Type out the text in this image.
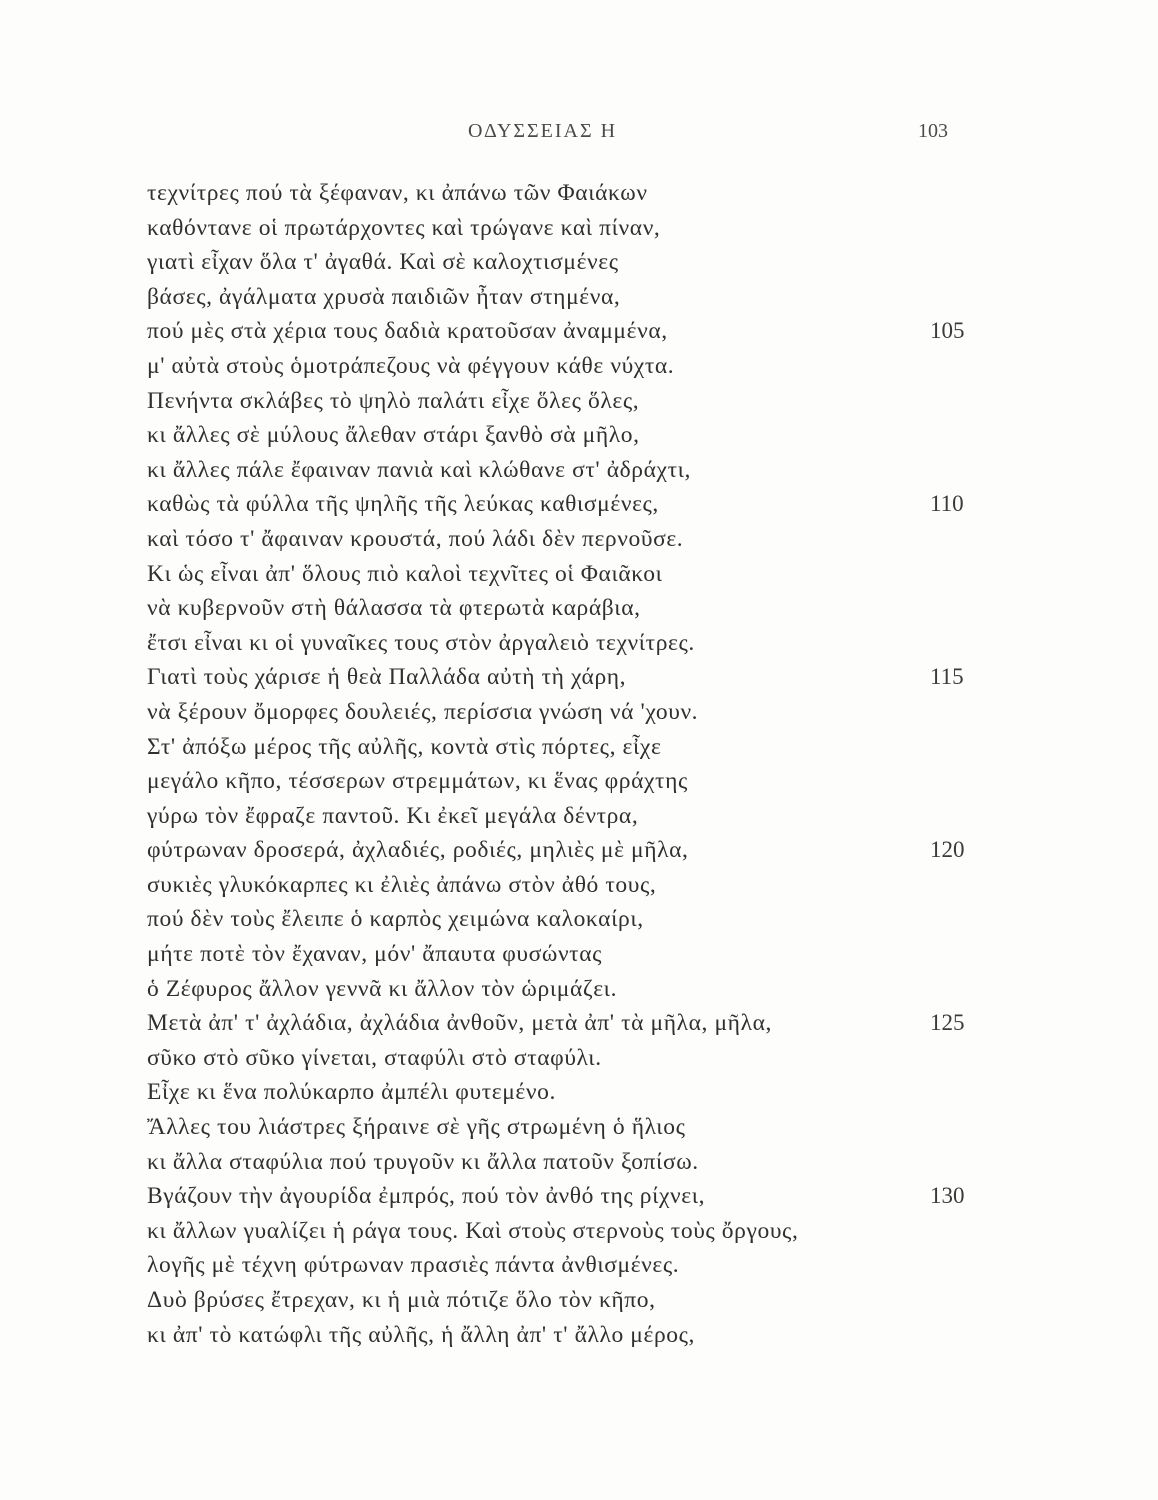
ΟΔΥΣΣΕΙΑΣ Η	103
τεχνίτρες πού τὰ ξέφαναν, κι ἀπάνω τῶν Φαιάκων
καθόντανε οἱ πρωτάρχοντες καὶ τρώγανε καὶ πίναν,
γιατὶ εἶχαν ὅλα τ' ἀγαθά. Καὶ σὲ καλοχτισμένες
βάσες, ἀγάλματα χρυσὰ παιδιῶν ἦταν στημένα,
πού μὲς στὰ χέρια τους δαδιὰ κρατοῦσαν ἀναμμένα,	105
μ' αὐτὰ στοὺς ὁμοτράπεζους νὰ φέγγουν κάθε νύχτα.
Πενήντα σκλάβες τὸ ψηλὸ παλάτι εἶχε ὅλες ὅλες,
κι ἄλλες σὲ μύλους ἄλεθαν στάρι ξανθὸ σὰ μῆλο,
κι ἄλλες πάλε ἔφαιναν πανιὰ καὶ κλώθανε στ' ἀδράχτι,
καθὼς τὰ φύλλα τῆς ψηλῆς τῆς λεύκας καθισμένες,	110
καὶ τόσο τ' ἄφαιναν κρουστά, πού λάδι δὲν περνοῦσε.
Κι ὡς εἶναι ἀπ' ὅλους πιὸ καλοὶ τεχνῖτες οἱ Φαιᾶκοι
νὰ κυβερνοῦν στὴ θάλασσα τὰ φτερωτὰ καράβια,
ἔτσι εἶναι κι οἱ γυναῖκες τους στὸν ἀργαλειὸ τεχνίτρες.
Γιατὶ τοὺς χάρισε ἡ θεὰ Παλλάδα αὐτὴ τὴ χάρη,	115
νὰ ξέρουν ὄμορφες δουλειές, περίσσια γνώση νά 'χουν.
Στ' ἀπόξω μέρος τῆς αὐλῆς, κοντὰ στὶς πόρτες, εἶχε
μεγάλο κῆπο, τέσσερων στρεμμάτων, κι ἕνας φράχτης
γύρω τὸν ἔφραζε παντοῦ. Κι ἐκεῖ μεγάλα δέντρα,
φύτρωναν δροσερά, ἀχλαδιές, ροδιές, μηλιὲς μὲ μῆλα,	120
συκιὲς γλυκόκαρπες κι ἐλιὲς ἀπάνω στὸν ἀθό τους,
πού δὲν τοὺς ἔλειπε ὁ καρπὸς χειμώνα καλοκαίρι,
μήτε ποτὲ τὸν ἔχαναν, μόν' ἄπαυτα φυσώντας
ὁ Ζέφυρος ἄλλον γεννᾶ κι ἄλλον τὸν ὡριμάζει.
Μετὰ ἀπ' τ' ἀχλάδια, ἀχλάδια ἀνθοῦν, μετὰ ἀπ' τὰ μῆλα, μῆλα,	125
σῦκο στὸ σῦκο γίνεται, σταφύλι στὸ σταφύλι.
Εἶχε κι ἕνα πολύκαρπο ἀμπέλι φυτεμένο.
Ἄλλες του λιάστρες ξήραινε σὲ γῆς στρωμένη ὁ ἥλιος
κι ἄλλα σταφύλια πού τρυγοῦν κι ἄλλα πατοῦν ξοπίσω.
Βγάζουν τὴν ἀγουρίδα ἐμπρός, πού τὸν ἀνθό της ρίχνει,	130
κι ἄλλων γυαλίζει ἡ ράγα τους. Καὶ στοὺς στερνοὺς τοὺς ὄργους,
λογῆς μὲ τέχνη φύτρωναν πρασιὲς πάντα ἀνθισμένες.
Δυὸ βρύσες ἔτρεχαν, κι ἡ μιὰ πότιζε ὅλο τὸν κῆπο,
κι ἀπ' τὸ κατώφλι τῆς αὐλῆς, ἡ ἄλλη ἀπ' τ' ἄλλο μέρος,
